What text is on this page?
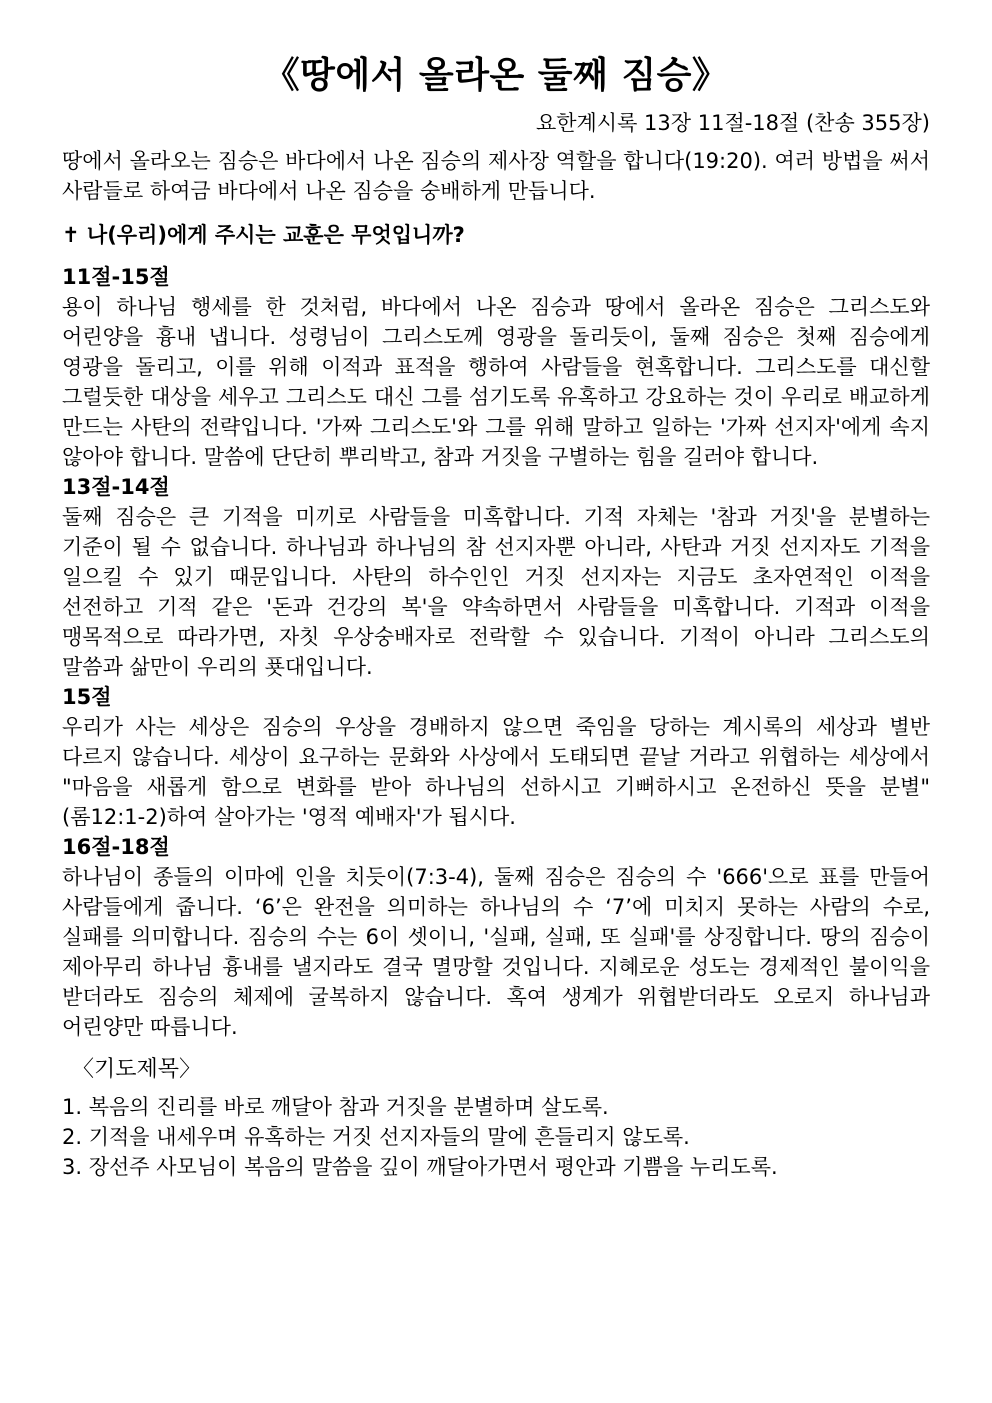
《땅에서 올라온 둘째 짐승》
요한계시록 13장 11절-18절 (찬송 355장)

땅에서 올라오는 짐승은 바다에서 나온 짐승의 제사장 역할을 합니다(19:20). 여러 방법을 써서 사람들로 하여금 바다에서 나온 짐승을 숭배하게 만듭니다.

✝ 나(우리)에게 주시는 교훈은 무엇입니까?
11절-15절

용이 하나님 행세를 한 것처럼, 바다에서 나온 짐승과 땅에서 올라온 짐승은 그리스도와 어린양을 흉내 냅니다. 성령님이 그리스도께 영광을 돌리듯이, 둘째 짐승은 첫째 짐승에게 영광을 돌리고, 이를 위해 이적과 표적을 행하여 사람들을 현혹합니다. 그리스도를 대신할 그럴듯한 대상을 세우고 그리스도 대신 그를 섬기도록 유혹하고 강요하는 것이 우리로 배교하게 만드는 사탄의 전략입니다. '가짜 그리스도'와 그를 위해 말하고 일하는 '가짜 선지자'에게 속지 않아야 합니다. 말씀에 단단히 뿌리박고, 참과 거짓을 구별하는 힘을 길러야 합니다.

13절-14절

둘째 짐승은 큰 기적을 미끼로 사람들을 미혹합니다. 기적 자체는 '참과 거짓'을 분별하는 기준이 될 수 없습니다. 하나님과 하나님의 참 선지자뿐 아니라, 사탄과 거짓 선지자도 기적을 일으킬 수 있기 때문입니다. 사탄의 하수인인 거짓 선지자는 지금도 초자연적인 이적을 선전하고 기적 같은 '돈과 건강의 복'을 약속하면서 사람들을 미혹합니다. 기적과 이적을 맹목적으로 따라가면, 자칫 우상숭배자로 전락할 수 있습니다. 기적이 아니라 그리스도의 말씀과 삶만이 우리의 푯대입니다.

15절

우리가 사는 세상은 짐승의 우상을 경배하지 않으면 죽임을 당하는 계시록의 세상과 별반 다르지 않습니다. 세상이 요구하는 문화와 사상에서 도태되면 끝날 거라고 위협하는 세상에서 "마음을 새롭게 함으로 변화를 받아 하나님의 선하시고 기뻐하시고 온전하신 뜻을 분별"(롬12:1-2)하여 살아가는 '영적 예배자'가 됩시다.

16절-18절

하나님이 종들의 이마에 인을 치듯이(7:3-4), 둘째 짐승은 짐승의 수 '666'으로 표를 만들어 사람들에게 줍니다. ‘6’은 완전을 의미하는 하나님의 수 ‘7’에 미치지 못하는 사람의 수로, 실패를 의미합니다. 짐승의 수는 6이 셋이니, '실패, 실패, 또 실패'를 상징합니다. 땅의 짐승이 제아무리 하나님 흉내를 낼지라도 결국 멸망할 것입니다. 지혜로운 성도는 경제적인 불이익을 받더라도 짐승의 체제에 굴복하지 않습니다. 혹여 생계가 위협받더라도 오로지 하나님과 어린양만 따릅니다.

〈기도제목〉
1. 복음의 진리를 바로 깨달아 참과 거짓을 분별하며 살도록.
2. 기적을 내세우며 유혹하는 거짓 선지자들의 말에 흔들리지 않도록.
3. 장선주 사모님이 복음의 말씀을 깊이 깨달아가면서 평안과 기쁨을 누리도록.
